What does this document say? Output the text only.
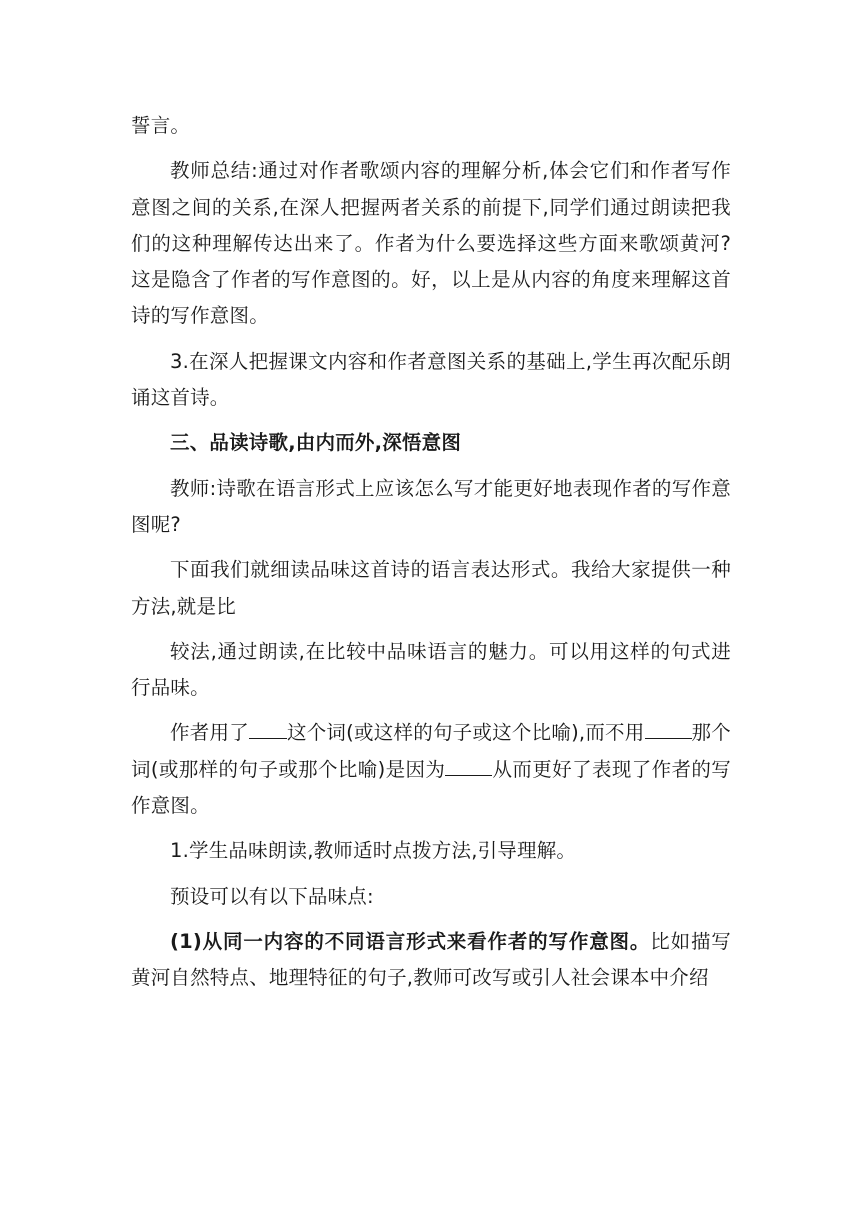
誓言。

教师总结:通过对作者歌颂内容的理解分析,体会它们和作者写作意图之间的关系,在深人把握两者关系的前提下,同学们通过朗读把我们的这种理解传达出来了。作者为什么要选择这些方面来歌颂黄河?这是隐含了作者的写作意图的。好，以上是从内容的角度来理解这首诗的写作意图。

3.在深人把握课文内容和作者意图关系的基础上,学生再次配乐朗诵这首诗。

三、品读诗歌,由内而外,深悟意图

教师:诗歌在语言形式上应该怎么写才能更好地表现作者的写作意图呢?

下面我们就细读品味这首诗的语言表达形式。我给大家提供一种方法,就是比

较法,通过朗读,在比较中品味语言的魅力。可以用这样的句式进行品味。

作者用了 这个词(或这样的句子或这个比喻),而不用 那个词(或那样的句子或那个比喻)是因为 从而更好了表现了作者的写作意图。

1.学生品味朗读,教师适时点拨方法,引导理解。

预设可以有以下品味点:

(1)从同一内容的不同语言形式来看作者的写作意图。比如描写黄河自然特点、地理特征的句子,教师可改写或引人社会课本中介绍
